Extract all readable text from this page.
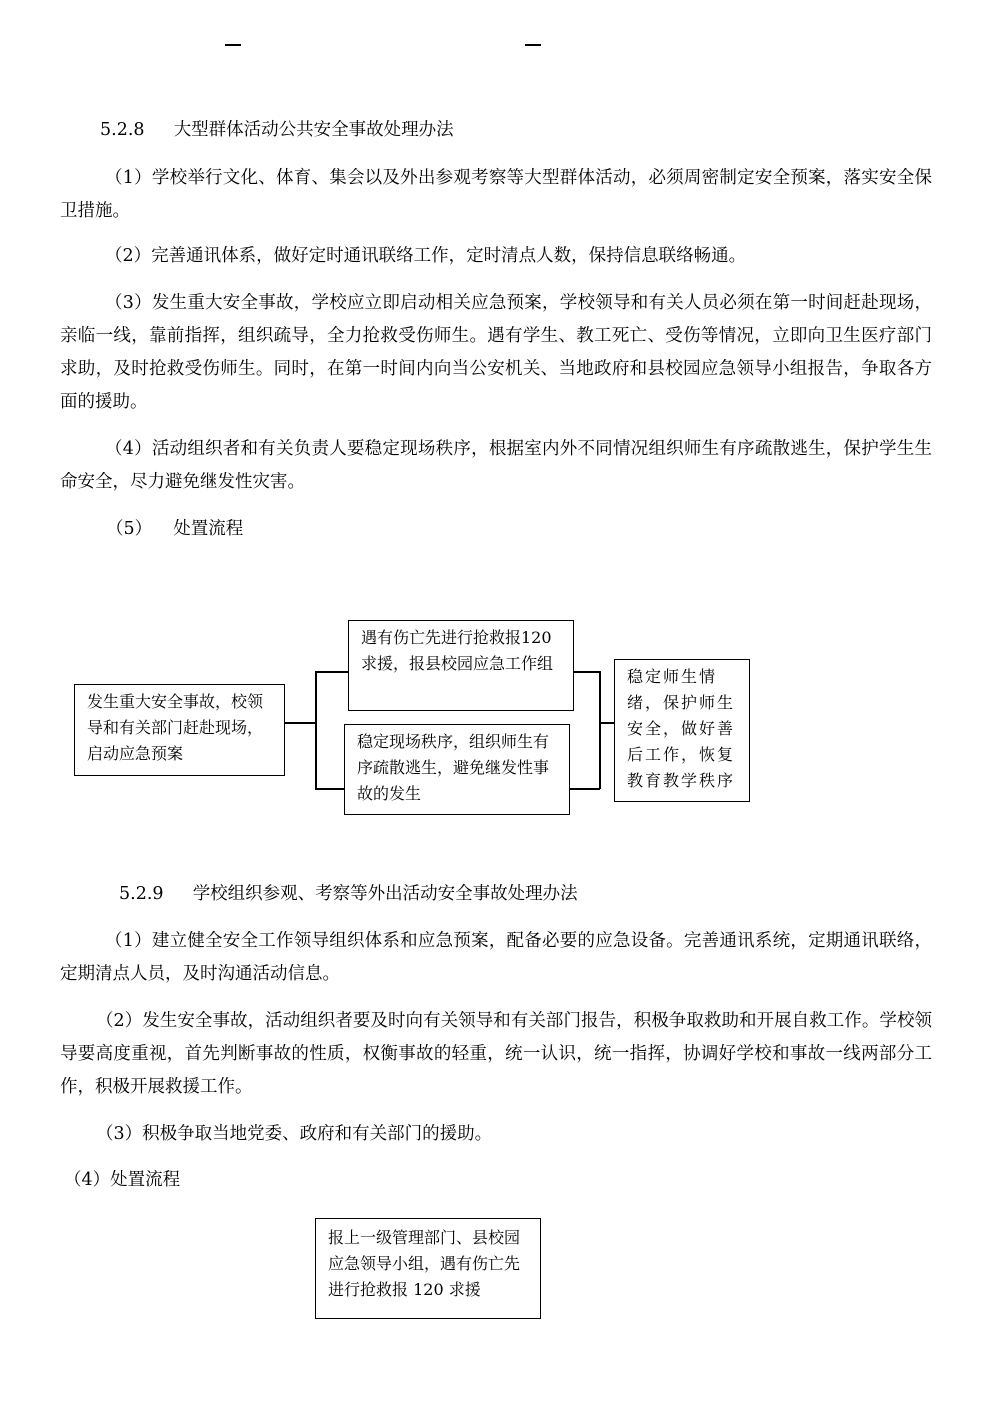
5.2.8 大型群体活动公共安全事故处理办法

（1）学校举行文化、体育、集会以及外出参观考察等大型群体活动，必须周密制定安全预案，落实安全保卫措施。

（2）完善通讯体系，做好定时通讯联络工作，定时清点人数，保持信息联络畅通。

（3）发生重大安全事故，学校应立即启动相关应急预案，学校领导和有关人员必须在第一时间赶赴现场，亲临一线，靠前指挥，组织疏导，全力抢救受伤师生。遇有学生、教工死亡、受伤等情况，立即向卫生医疗部门求助，及时抢救受伤师生。同时，在第一时间内向当公安机关、当地政府和县校园应急领导小组报告，争取各方面的援助。

（4）活动组织者和有关负责人要稳定现场秩序，根据室内外不同情况组织师生有序疏散逃生，保护学生生命安全，尽力避免继发性灾害。

（5） 处置流程
发生重大安全事故，校领导和有关部门赶赴现场，启动应急预案
遇有伤亡先进行抢救报120求援，报县校园应急工作组
稳定现场秩序，组织师生有序疏散逃生，避免继发性事故的发生
稳定师生情绪，保护师生安全，做好善后工作，恢复教育教学秩序
5.2.9 学校组织参观、考察等外出活动安全事故处理办法

（1）建立健全安全工作领导组织体系和应急预案，配备必要的应急设备。完善通讯系统，定期通讯联络，定期清点人员，及时沟通活动信息。

（2）发生安全事故，活动组织者要及时向有关领导和有关部门报告，积极争取救助和开展自救工作。学校领导要高度重视，首先判断事故的性质，权衡事故的轻重，统一认识，统一指挥，协调好学校和事故一线两部分工作，积极开展救援工作。

（3）积极争取当地党委、政府和有关部门的援助。

（4）处置流程

报上一级管理部门、县校园应急领导小组，遇有伤亡先进行抢救报 120 求援
